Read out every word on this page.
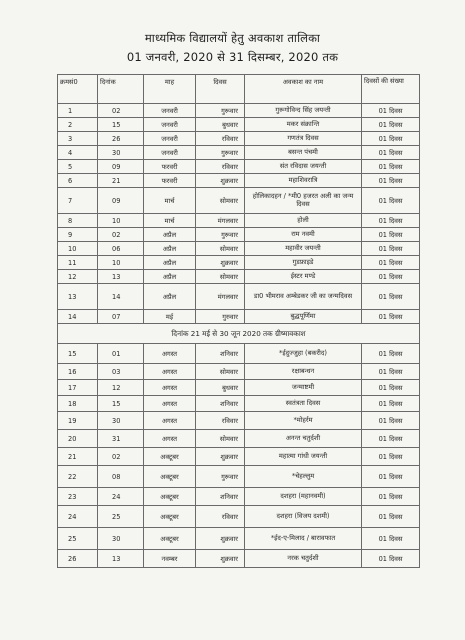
माध्यमिक विद्यालयों हेतु अवकाश तालिका
01 जनवरी, 2020 से 31 दिसम्बर, 2020 तक
क्रमसं0	दिनांक	माह	दिवस	अवकाश का नाम	दिवसों की संख्या
1	02	जनवरी	गुरूवार	गुरूगोविन्द सिंह जयन्ती	01 दिवस
2	15	जनवरी	बुधवार	मकर संक्रान्ति	01 दिवस
3	26	जनवरी	रविवार	गणतंत्र दिवस	01 दिवस
4	30	जनवरी	गुरूवार	बसन्त पंचमी	01 दिवस
5	09	फरवरी	रविवार	संत रविदास जयन्ती	01 दिवस
6	21	फरवरी	शुक्रवार	महाशिवरात्रि	01 दिवस
7	09	मार्च	सोमवार	होलिकादहन / *मी0 हजरत अली का जन्म दिवस	01 दिवस
8	10	मार्च	मंगलवार	होली	01 दिवस
9	02	अप्रैल	गुरूवार	राम नवमी	01 दिवस
10	06	अप्रैल	सोमवार	महावीर जयन्ती	01 दिवस
11	10	अप्रैल	शुक्रवार	गुडफ्राइडे	01 दिवस
12	13	अप्रैल	सोमवार	ईस्टर मण्डे	01 दिवस
13	14	अप्रैल	मंगलवार	डा0 भीमराव अम्बेडकर जी का जन्मदिवस	01 दिवस
14	07	मई	गुरुवार	बुद्धपूर्णिमा	01 दिवस
दिनांक 21 मई से 30 जून 2020 तक ग्रीष्मावकाश					
15	01	अगस्त	शनिवार	*ईदुज्जुहा (बकरीद)	01 दिवस
16	03	अगस्त	सोमवार	रक्षाबन्धन	01 दिवस
17	12	अगस्त	बुधवार	जन्माष्टमी	01 दिवस
18	15	अगस्त	शनिवार	स्वतंत्रता दिवस	01 दिवस
19	30	अगस्त	रविवार	*मोहर्रम	01 दिवस
20	31	अगस्त	सोमवार	अनन्त चतुर्दशी	01 दिवस
21	02	अक्टूबर	शुक्रवार	महात्मा गांधी जयन्ती	01 दिवस
22	08	अक्टूबर	गुरूवार	*चेहल्लुम	01 दिवस
23	24	अक्टूबर	शनिवार	दशहरा (महानवमी)	01 दिवस
24	25	अक्टूबर	रविवार	दशहरा (विजय दशमी)	01 दिवस
25	30	अक्टूबर	शुक्रवार	*ईद-ए-मिलाद / बारावफात	01 दिवस
26	13	नवम्बर	शुक्रवार	नरक चतुर्दशी	01 दिवस
